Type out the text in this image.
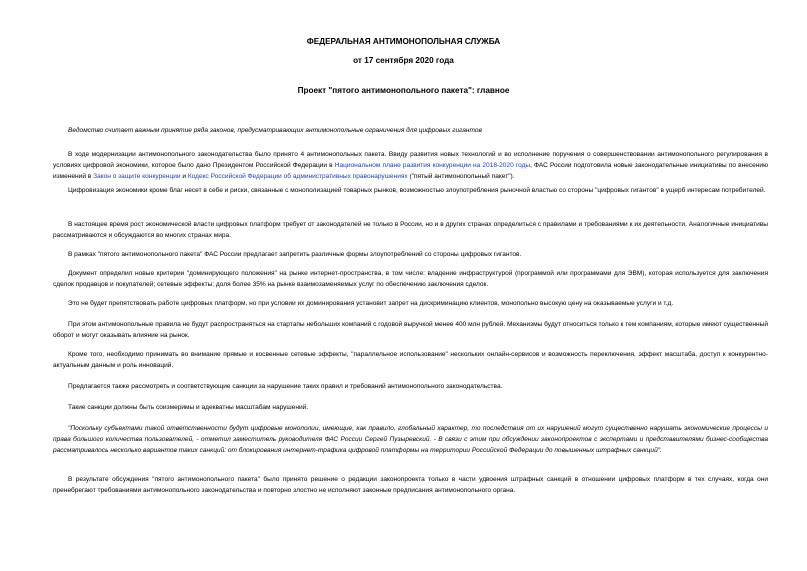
ФЕДЕРАЛЬНАЯ АНТИМОНОПОЛЬНАЯ СЛУЖБА
от 17 сентября 2020 года
Проект "пятого антимонопольного пакета": главное

Ведомство считает важным принятие ряда законов, предусматривающих антимонопольные ограничения для цифровых гигантов

В ходе модернизации антимонопольного законодательства было принято 4 антимонопольных пакета. Ввиду развития новых технологий и во исполнение поручения о совершенствовании антимонопольного регулирования в условиях цифровой экономики, которое было дано Президентом Российской Федерации в Национальном плане развития конкуренции на 2018-2020 годы, ФАС России подготовила новые законодательные инициативы по внесению изменений в Закон о защите конкуренции и Кодекс Российской Федерации об административных правонарушениях ("пятый антимонопольный пакет").

Цифровизация экономики кроме благ несет в себе и риски, связанные с монополизацией товарных рынков, возможностью злоупотребления рыночной властью со стороны "цифровых гигантов" в ущерб интересам потребителей.

В настоящее время рост экономической власти цифровых платформ требует от законодателей не только в России, но и в других странах определиться с правилами и требованиями к их деятельности. Аналогичные инициативы рассматриваются и обсуждаются во многих странах мира.

В рамках "пятого антимонопольного пакета" ФАС России предлагает запретить различные формы злоупотреблений со стороны цифровых гигантов.

Документ определил новые критерии "доминирующего положения" на рынке интернет-пространства, в том числе: владение инфраструктурой (программой или программами для ЭВМ), которая используется для заключения сделок продавцов и покупателей; сетевые эффекты; доля более 35% на рынке взаимозаменяемых услуг по обеспечению заключения сделок.

Это не будет препятствовать работе цифровых платформ, но при условии их доминирования установит запрет на дискриминацию клиентов, монопольно высокую цену на оказываемые услуги и т.д.

При этом антимонопольные правила не будут распространяться на стартапы небольших компаний с годовой выручкой менее 400 млн рублей. Механизмы будут относиться только к тем компаниям, которые имеют существенный оборот и могут оказывать влияние на рынок.

Кроме того, необходимо принимать во внимание прямые и косвенные сетевые эффекты, "параллельное использование" нескольких онлайн-сервисов и возможность переключения, эффект масштаба, доступ к конкурентно-актуальным данным и роль инноваций.

Предлагается также рассмотреть и соответствующие санкции за нарушение таких правил и требований антимонопольного законодательства.

Такие санкции должны быть соизмеримы и адекватны масштабам нарушений.

"Поскольку субъектами такой ответственности будут цифровые монополии, имеющие, как правило, глобальный характер, то последствия от их нарушений могут существенно нарушать экономические процессы и права большого количества пользователей, - отметил заместитель руководителя ФАС России Сергей Пузыревский. - В связи с этим при обсуждении законопроектов с экспертами и представителями бизнес-сообщества рассматривалось несколько вариантов таких санкций: от блокирования интернет-трафика цифровой платформы на территории Российской Федерации до повышенных штрафных санкций".

В результате обсуждения "пятого антимонопольного пакета" было принято решение о редакции законопроекта только в части удвоения штрафных санкций в отношении цифровых платформ в тех случаях, когда они пренебрегают требованиями антимонопольного законодательства и повторно злостно не исполняют законные предписания антимонопольного органа.
